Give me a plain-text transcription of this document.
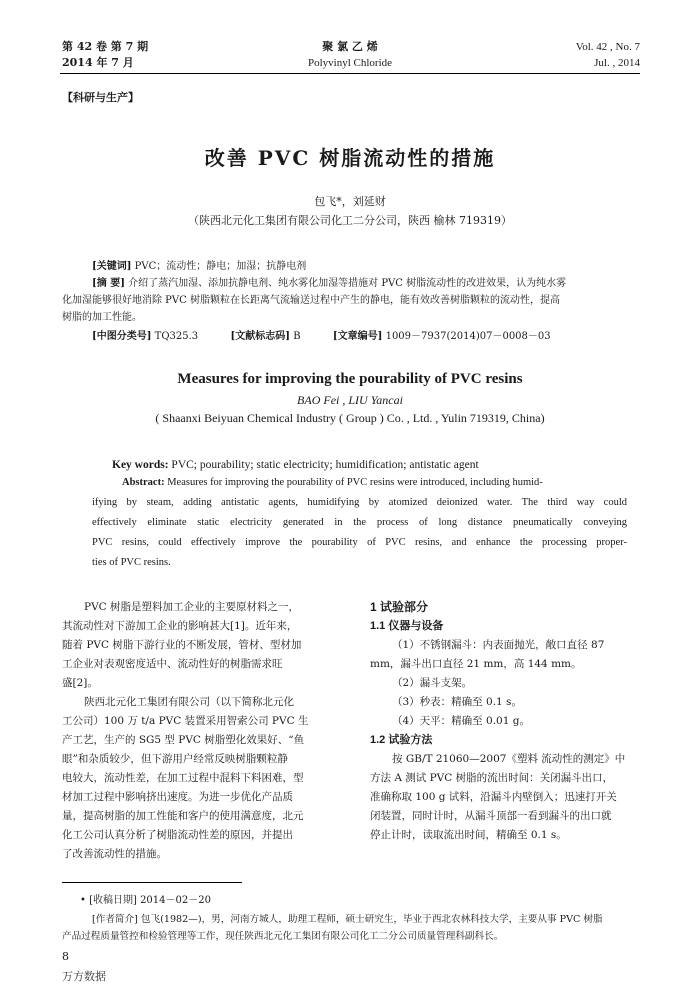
第 42 卷 第 7 期
2014 年 7 月
聚 氯 乙 烯
Polyvinyl Chloride
Vol. 42 , No. 7
Jul. , 2014
【科研与生产】
改善 PVC 树脂流动性的措施
包飞*，刘延财
（陕西北元化工集团有限公司化工二分公司，陕西 榆林 719319）
[关键词] PVC；流动性；静电；加湿；抗静电剂
[摘 要] 介绍了蒸汽加湿、添加抗静电剂、纯水雾化加湿等措施对 PVC 树脂流动性的改进效果，认为纯水雾
化加湿能够很好地消除 PVC 树脂颗粒在长距离气流输送过程中产生的静电，能有效改善树脂颗粒的流动性，提高
树脂的加工性能。
[中图分类号] TQ325.3	[文献标志码] B	[文章编号] 1009－7937(2014)07－0008－03
Measures for improving the pourability of PVC resins
BAO Fei , LIU Yancai
( Shaanxi Beiyuan Chemical Industry ( Group ) Co. , Ltd. , Yulin 719319, China)
Key words: PVC; pourability; static electricity; humidification; antistatic agent
Abstract: Measures for improving the pourability of PVC resins were introduced, including humid-
ifying by steam, adding antistatic agents, humidifying by atomized deionized water. The third way could
effectively eliminate static electricity generated in the process of long distance pneumatically conveying
PVC resins, could effectively improve the pourability of PVC resins, and enhance the processing proper-
ties of PVC resins.
PVC 树脂是塑料加工企业的主要原材料之一，
其流动性对下游加工企业的影响甚大[1]。近年来，
随着 PVC 树脂下游行业的不断发展，管材、型材加
工企业对表观密度适中、流动性好的树脂需求旺
盛[2]。
陕西北元化工集团有限公司（以下简称北元化
工公司）100 万 t/a PVC 装置采用智索公司 PVC 生
产工艺，生产的 SG5 型 PVC 树脂塑化效果好、“鱼
眼”和杂质较少，但下游用户经常反映树脂颗粒静
电较大，流动性差，在加工过程中混料下料困难，型
材加工过程中影响挤出速度。为进一步优化产品质
量，提高树脂的加工性能和客户的使用满意度，北元
化工公司认真分析了树脂流动性差的原因，并提出
了改善流动性的措施。
1 试验部分
1.1 仪器与设备
（1）不锈钢漏斗：内表面抛光，敞口直径 87
mm，漏斗出口直径 21 mm，高 144 mm。
（2）漏斗支架。
（3）秒表：精确至 0.1 s。
（4）天平：精确至 0.01 g。
1.2 试验方法
按 GB/T 21060—2007《塑料 流动性的测定》中
方法 A 测试 PVC 树脂的流出时间：关闭漏斗出口，
准确称取 100 g 试料，沿漏斗内壁倒入；迅速打开关
闭装置，同时计时，从漏斗顶部一看到漏斗的出口就
停止计时，读取流出时间，精确至 0.1 s。
• [收稿日期] 2014－02－20
[作者简介] 包飞(1982—)，男，河南方城人，助理工程师，硕士研究生，毕业于西北农林科技大学，主要从事 PVC 树脂
产品过程质量管控和检验管理等工作，现任陕西北元化工集团有限公司化工二分公司质量管理科副科长。
8
万方数据
